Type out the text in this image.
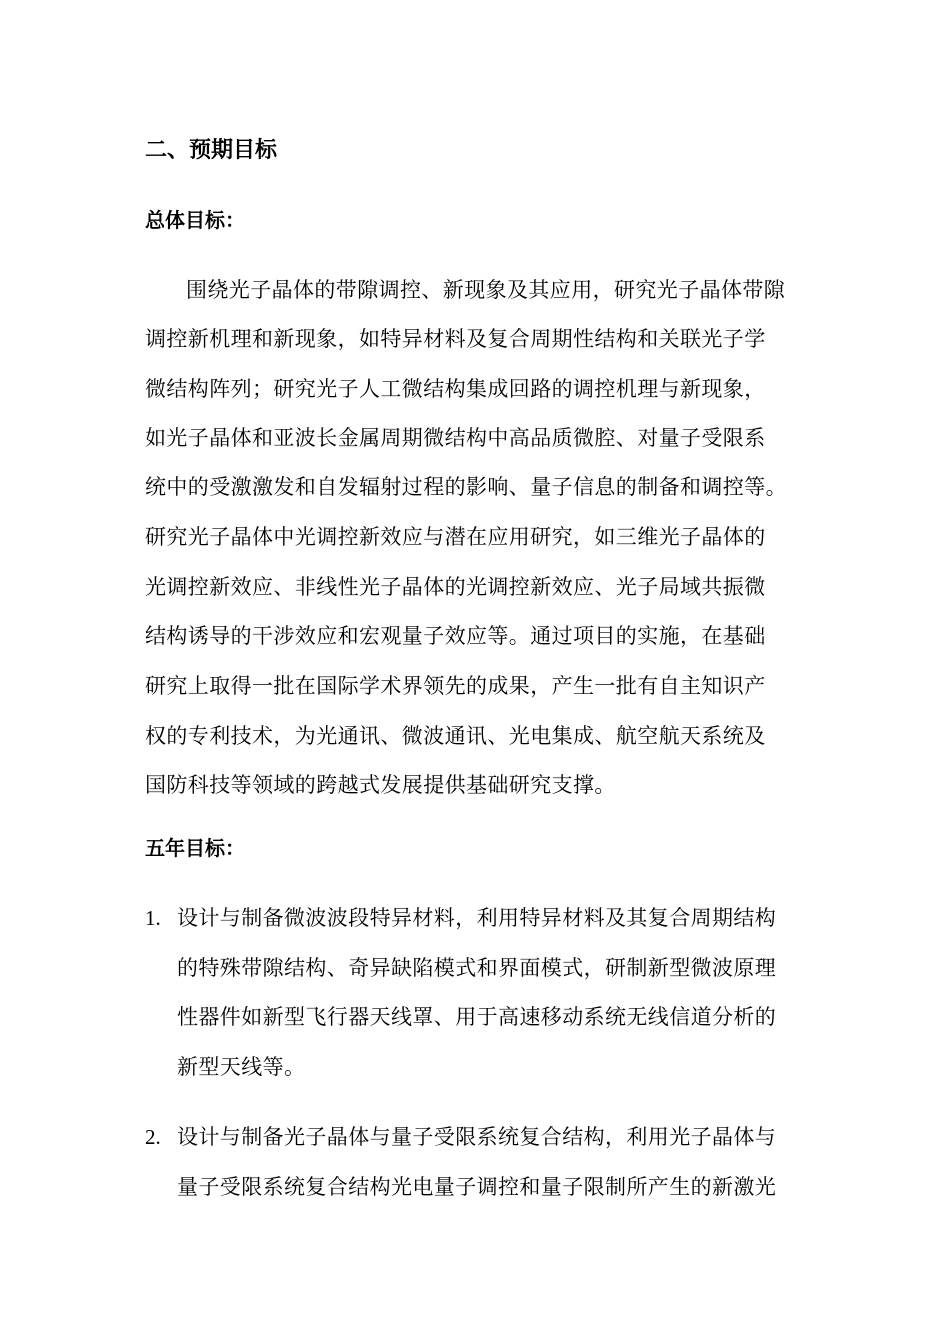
二、预期目标
总体目标：
围绕光子晶体的带隙调控、新现象及其应用，研究光子晶体带隙
调控新机理和新现象，如特异材料及复合周期性结构和关联光子学
微结构阵列；研究光子人工微结构集成回路的调控机理与新现象，
如光子晶体和亚波长金属周期微结构中高品质微腔、对量子受限系
统中的受激激发和自发辐射过程的影响、量子信息的制备和调控等。
研究光子晶体中光调控新效应与潜在应用研究，如三维光子晶体的
光调控新效应、非线性光子晶体的光调控新效应、光子局域共振微
结构诱导的干涉效应和宏观量子效应等。通过项目的实施，在基础
研究上取得一批在国际学术界领先的成果，产生一批有自主知识产
权的专利技术，为光通讯、微波通讯、光电集成、航空航天系统及
国防科技等领域的跨越式发展提供基础研究支撑。
五年目标：
1. 设计与制备微波波段特异材料，利用特异材料及其复合周期结构
的特殊带隙结构、奇异缺陷模式和界面模式，研制新型微波原理
性器件如新型飞行器天线罩、用于高速移动系统无线信道分析的
新型天线等。
2. 设计与制备光子晶体与量子受限系统复合结构，利用光子晶体与
量子受限系统复合结构光电量子调控和量子限制所产生的新激光
